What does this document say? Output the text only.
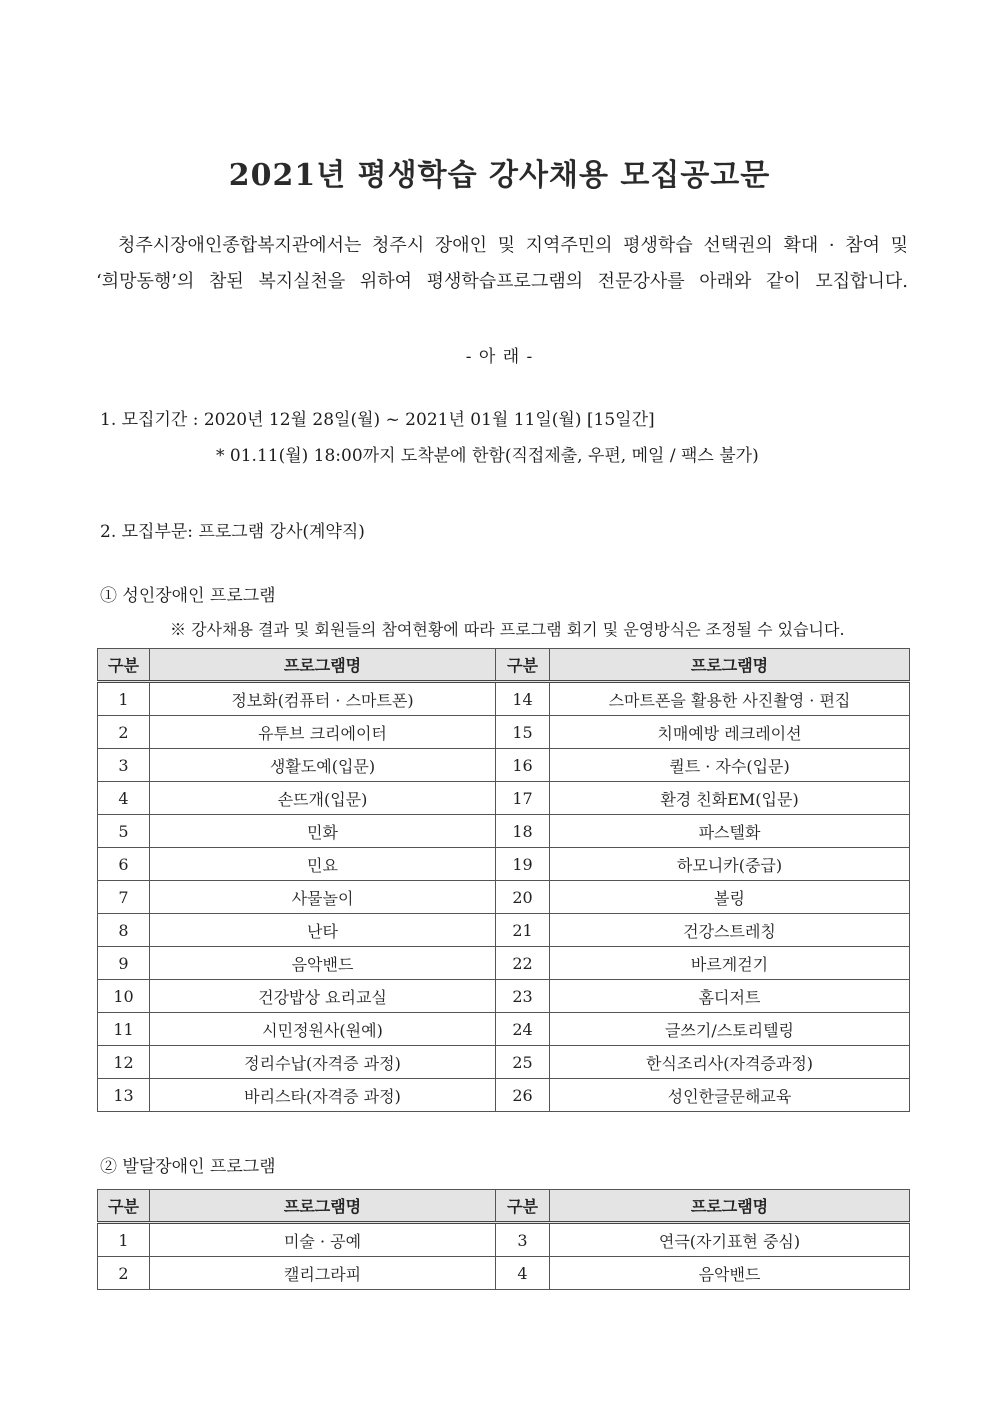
2021년 평생학습 강사채용 모집공고문

청주시장애인종합복지관에서는 청주시 장애인 및 지역주민의 평생학습 선택권의 확대 · 참여 및

‘희망동행’의 참된 복지실천을 위하여 평생학습프로그램의 전문강사를 아래와 같이 모집합니다.

- 아 래 -
1. 모집기간 : 2020년 12월 28일(월) ~ 2021년 01월 11일(월) [15일간]
* 01.11(월) 18:00까지 도착분에 한함(직접제출, 우편, 메일 / 팩스 불가)
2. 모집부문: 프로그램 강사(계약직)
① 성인장애인 프로그램
※ 강사채용 결과 및 회원들의 참여현황에 따라 프로그램 회기 및 운영방식은 조정될 수 있습니다.
구분	프로그램명	구분	프로그램명
1	정보화(컴퓨터 · 스마트폰)	14	스마트폰을 활용한 사진촬영 · 편집
2	유투브 크리에이터	15	치매예방 레크레이션
3	생활도예(입문)	16	퀼트 · 자수(입문)
4	손뜨개(입문)	17	환경 친화EM(입문)
5	민화	18	파스텔화
6	민요	19	하모니카(중급)
7	사물놀이	20	볼링
8	난타	21	건강스트레칭
9	음악밴드	22	바르게걷기
10	건강밥상 요리교실	23	홈디저트
11	시민정원사(원예)	24	글쓰기/스토리텔링
12	정리수납(자격증 과정)	25	한식조리사(자격증과정)
13	바리스타(자격증 과정)	26	성인한글문해교육
② 발달장애인 프로그램
구분	프로그램명	구분	프로그램명
1	미술 · 공예	3	연극(자기표현 중심)
2	캘리그라피	4	음악밴드
